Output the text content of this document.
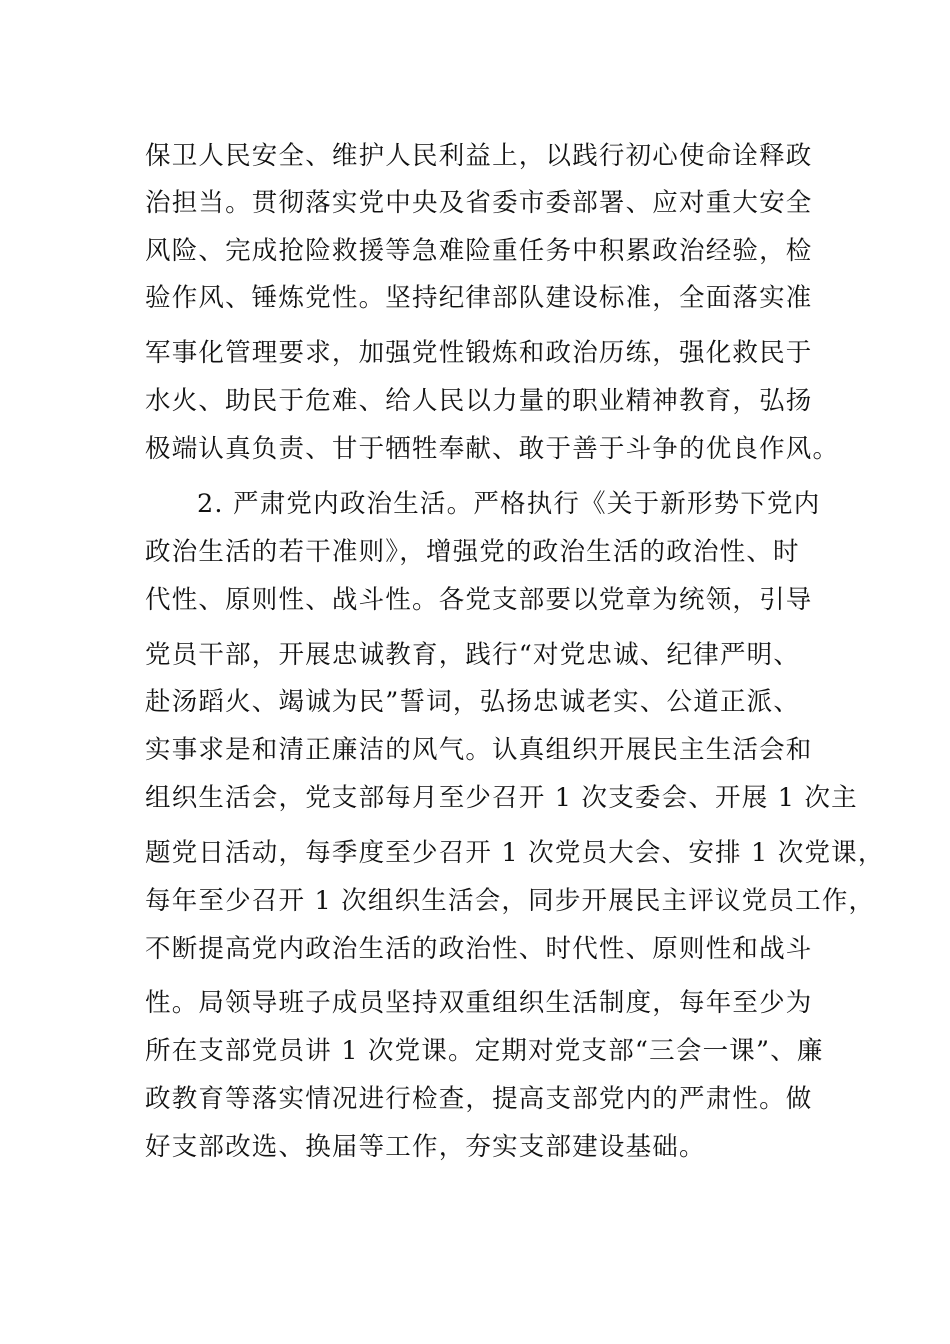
保卫人民安全、维护人民利益上，以践行初心使命诠释政
治担当。贯彻落实党中央及省委市委部署、应对重大安全
风险、完成抢险救援等急难险重任务中积累政治经验，检
验作风、锤炼党性。坚持纪律部队建设标准，全面落实准
军事化管理要求，加强党性锻炼和政治历练，强化救民于
水火、助民于危难、给人民以力量的职业精神教育，弘扬
极端认真负责、甘于牺牲奉献、敢于善于斗争的优良作风。
2. 严肃党内政治生活。严格执行《关于新形势下党内
政治生活的若干准则》，增强党的政治生活的政治性、时
代性、原则性、战斗性。各党支部要以党章为统领，引导
党员干部，开展忠诚教育，践行“对党忠诚、纪律严明、
赴汤蹈火、竭诚为民”誓词，弘扬忠诚老实、公道正派、
实事求是和清正廉洁的风气。认真组织开展民主生活会和
组织生活会，党支部每月至少召开 1 次支委会、开展 1 次主
题党日活动，每季度至少召开 1 次党员大会、安排 1 次党课，
每年至少召开 1 次组织生活会，同步开展民主评议党员工作，
不断提高党内政治生活的政治性、时代性、原则性和战斗
性。局领导班子成员坚持双重组织生活制度，每年至少为
所在支部党员讲 1 次党课。定期对党支部“三会一课”、廉
政教育等落实情况进行检查，提高支部党内的严肃性。做
好支部改选、换届等工作，夯实支部建设基础。
